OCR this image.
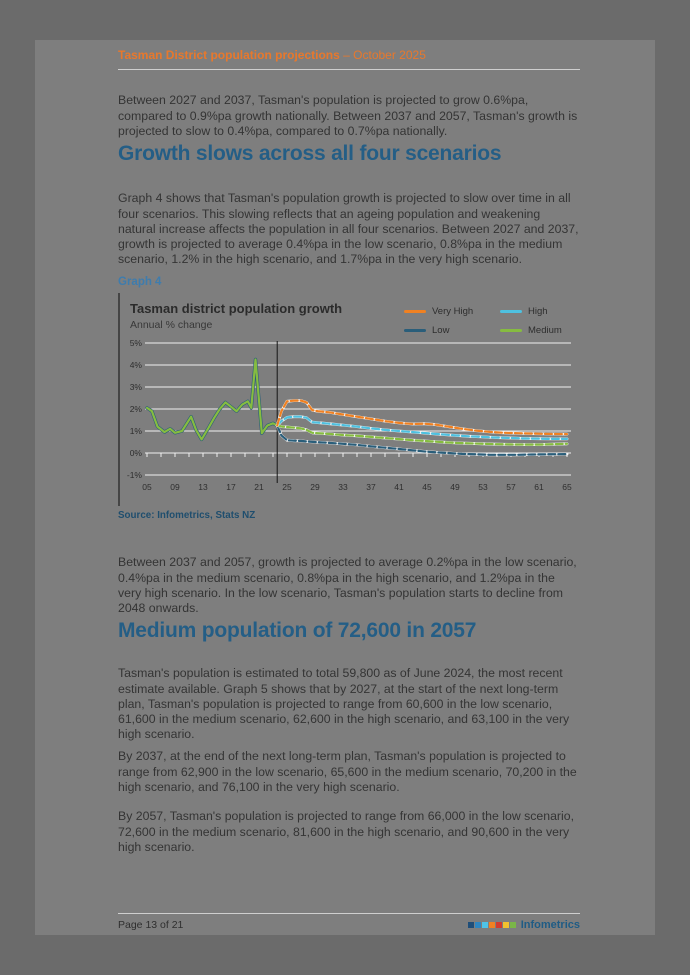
Tasman District population projections – October 2025

Between 2027 and 2037, Tasman's population is projected to grow 0.6%pa, compared to 0.9%pa growth nationally. Between 2037 and 2057, Tasman's growth is projected to slow to 0.4%pa, compared to 0.7%pa nationally.

Growth slows across all four scenarios

Graph 4 shows that Tasman's population growth is projected to slow over time in all four scenarios. This slowing reflects that an ageing population and weakening natural increase affects the population in all four scenarios. Between 2027 and 2037, growth is projected to average 0.4%pa in the low scenario, 0.8%pa in the medium scenario, 1.2% in the high scenario, and 1.7%pa in the very high scenario.

Graph 4
Tasman district population growth
Annual % change
Very High	High
Low	Medium
5%
4%
3%
2%
1%
0%
-1%
05 09 13 17 21 25 29 33 37 41 45 49 53 57 61 65
Source: Infometrics, Stats NZ

Between 2037 and 2057, growth is projected to average 0.2%pa in the low scenario, 0.4%pa in the medium scenario, 0.8%pa in the high scenario, and 1.2%pa in the very high scenario. In the low scenario, Tasman's population starts to decline from 2048 onwards.

Medium population of 72,600 in 2057

Tasman's population is estimated to total 59,800 as of June 2024, the most recent estimate available. Graph 5 shows that by 2027, at the start of the next long-term plan, Tasman's population is projected to range from 60,600 in the low scenario, 61,600 in the medium scenario, 62,600 in the high scenario, and 63,100 in the very high scenario.

By 2037, at the end of the next long-term plan, Tasman's population is projected to range from 62,900 in the low scenario, 65,600 in the medium scenario, 70,200 in the high scenario, and 76,100 in the very high scenario.

By 2057, Tasman's population is projected to range from 66,000 in the low scenario, 72,600 in the medium scenario, 81,600 in the high scenario, and 90,600 in the very high scenario.

Page 13 of 21	Infometrics
